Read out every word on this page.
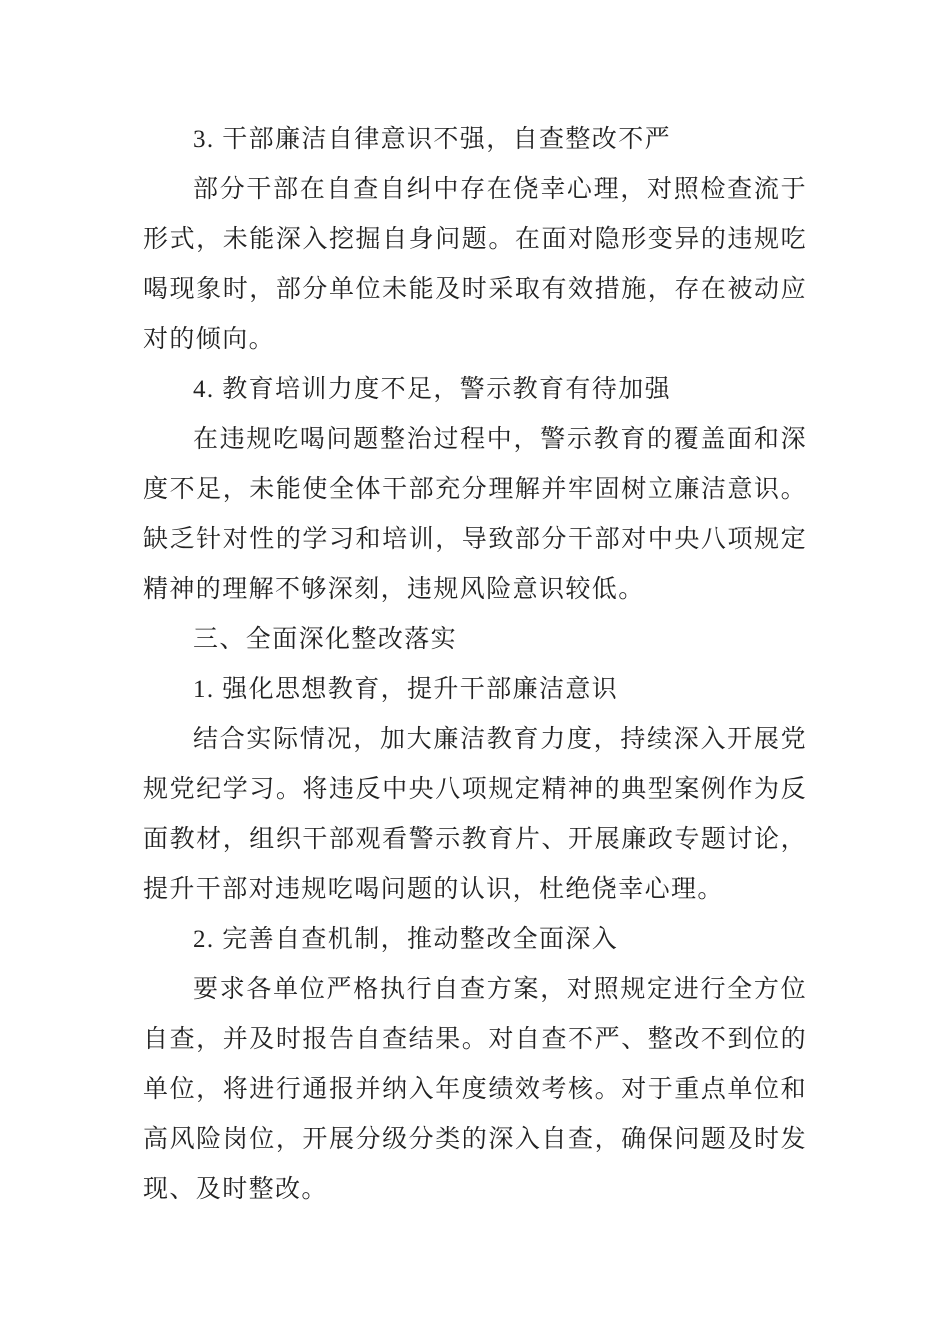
3. 干部廉洁自律意识不强，自查整改不严

部分干部在自查自纠中存在侥幸心理，对照检查流于形式，未能深入挖掘自身问题。在面对隐形变异的违规吃喝现象时，部分单位未能及时采取有效措施，存在被动应对的倾向。

4. 教育培训力度不足，警示教育有待加强

在违规吃喝问题整治过程中，警示教育的覆盖面和深度不足，未能使全体干部充分理解并牢固树立廉洁意识。缺乏针对性的学习和培训，导致部分干部对中央八项规定精神的理解不够深刻，违规风险意识较低。

三、全面深化整改落实

1. 强化思想教育，提升干部廉洁意识

结合实际情况，加大廉洁教育力度，持续深入开展党规党纪学习。将违反中央八项规定精神的典型案例作为反面教材，组织干部观看警示教育片、开展廉政专题讨论，提升干部对违规吃喝问题的认识，杜绝侥幸心理。

2. 完善自查机制，推动整改全面深入

要求各单位严格执行自查方案，对照规定进行全方位自查，并及时报告自查结果。对自查不严、整改不到位的单位，将进行通报并纳入年度绩效考核。对于重点单位和高风险岗位，开展分级分类的深入自查，确保问题及时发现、及时整改。
